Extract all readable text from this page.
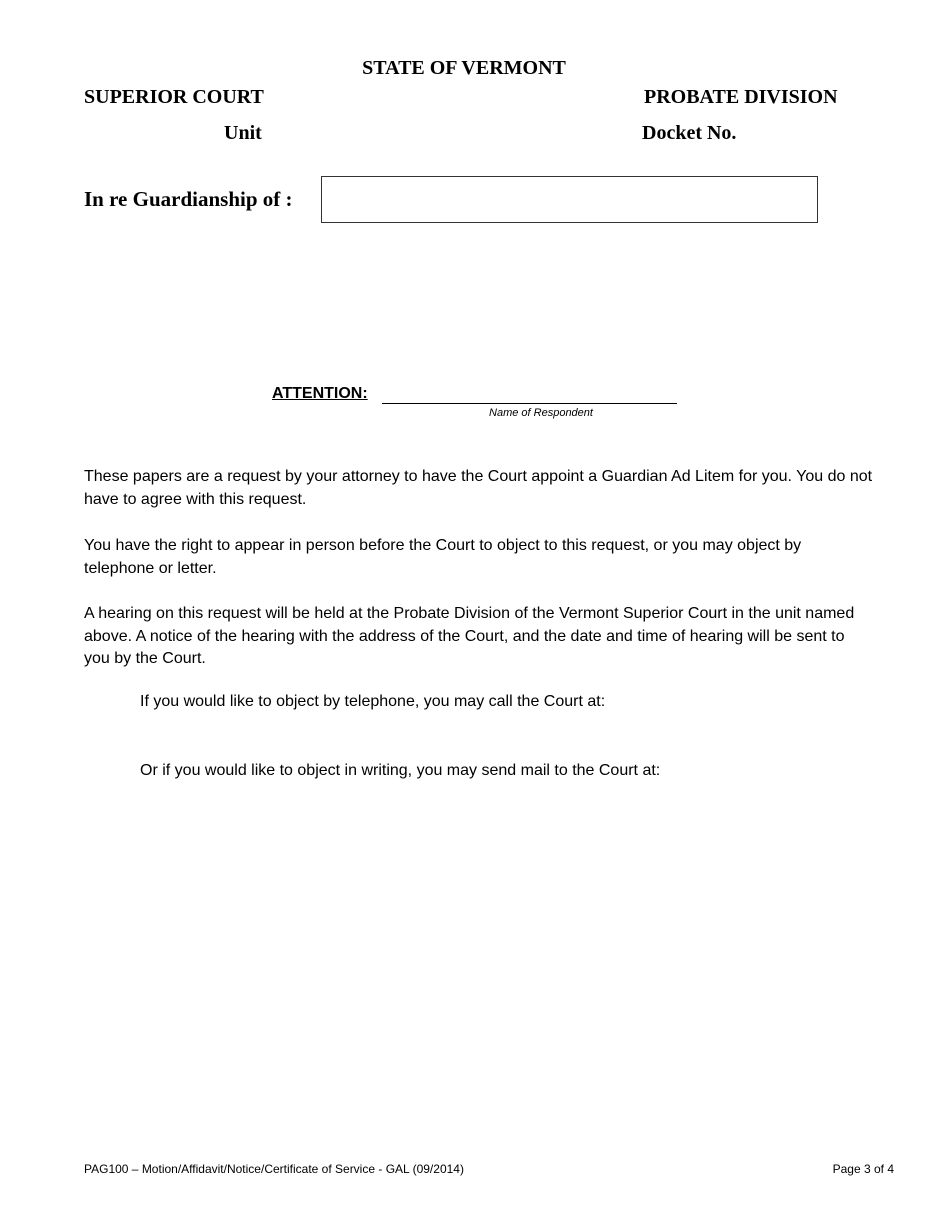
STATE OF VERMONT
SUPERIOR COURT	PROBATE DIVISION
Unit	Docket No.
In re Guardianship of :
ATTENTION:
Name of Respondent
These papers are a request by your attorney to have the Court appoint a Guardian Ad Litem for you. You do not have to agree with this request.
You have the right to appear in person before the Court to object to this request, or you may object by telephone or letter.
A hearing on this request will be held at the Probate Division of the Vermont Superior Court in the unit named above. A notice of the hearing with the address of the Court, and the date and time of hearing will be sent to you by the Court.
If you would like to object by telephone, you may call the Court at:
Or if you would like to object in writing, you may send mail to the Court at:
PAG100 – Motion/Affidavit/Notice/Certificate of Service - GAL (09/2014)	Page 3 of 4
